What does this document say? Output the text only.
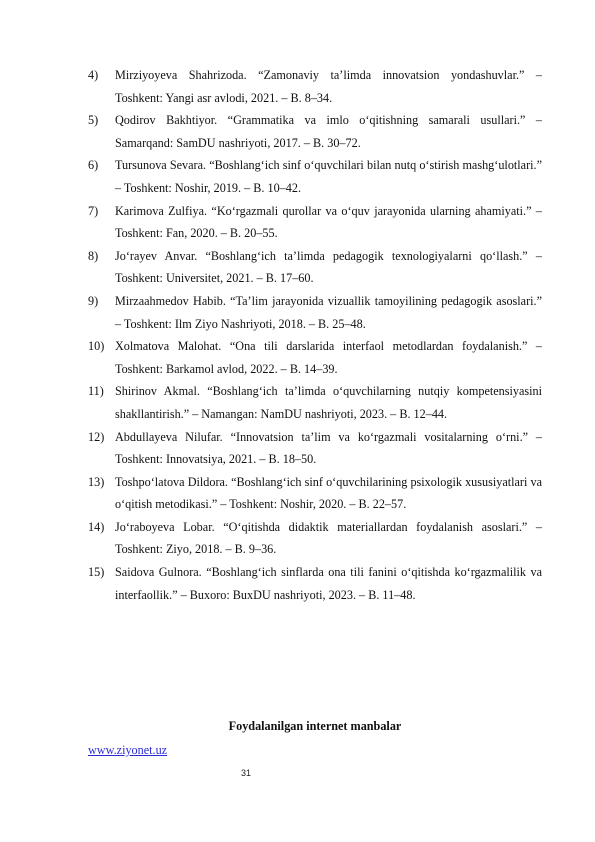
4) Mirziyoyeva Shahrizoda. “Zamonaviy ta’limda innovatsion yondashuvlar.” – Toshkent: Yangi asr avlodi, 2021. – B. 8–34.
5) Qodirov Bakhtiyor. “Grammatika va imlo o‘qitishning samarali usullari.” – Samarqand: SamDU nashriyoti, 2017. – B. 30–72.
6) Tursunova Sevara. “Boshlang‘ich sinf o‘quvchilari bilan nutq o‘stirish mashg‘ulotlari.” – Toshkent: Noshir, 2019. – B. 10–42.
7) Karimova Zulfiya. “Ko‘rgazmali qurollar va o‘quv jarayonida ularning ahamiyati.” – Toshkent: Fan, 2020. – B. 20–55.
8) Jo‘rayev Anvar. “Boshlang‘ich ta’limda pedagogik texnologiyalarni qo‘llash.” – Toshkent: Universitet, 2021. – B. 17–60.
9) Mirzaahmedov Habib. “Ta’lim jarayonida vizuallik tamoyilining pedagogik asoslari.” – Toshkent: Ilm Ziyo Nashriyoti, 2018. – B. 25–48.
10) Xolmatova Malohat. “Ona tili darslarida interfaol metodlardan foydalanish.” – Toshkent: Barkamol avlod, 2022. – B. 14–39.
11) Shirinov Akmal. “Boshlang‘ich ta’limda o‘quvchilarning nutqiy kompetensiyasini shakllantirish.” – Namangan: NamDU nashriyoti, 2023. – B. 12–44.
12) Abdullayeva Nilufar. “Innovatsion ta’lim va ko‘rgazmali vositalarning o‘rni.” – Toshkent: Innovatsiya, 2021. – B. 18–50.
13) Toshpo‘latova Dildora. “Boshlang‘ich sinf o‘quvchilarining psixologik xususiyatlari va o‘qitish metodikasi.” – Toshkent: Noshir, 2020. – B. 22–57.
14) Jo‘raboyeva Lobar. “O‘qitishda didaktik materiallardan foydalanish asoslari.” – Toshkent: Ziyo, 2018. – B. 9–36.
15) Saidova Gulnora. “Boshlang‘ich sinflarda ona tili fanini o‘qitishda ko‘rgazmalilik va interfaollik.” – Buxoro: BuxDU nashriyoti, 2023. – B. 11–48.
Foydalanilgan internet manbalar
www.ziyonet.uz
31
